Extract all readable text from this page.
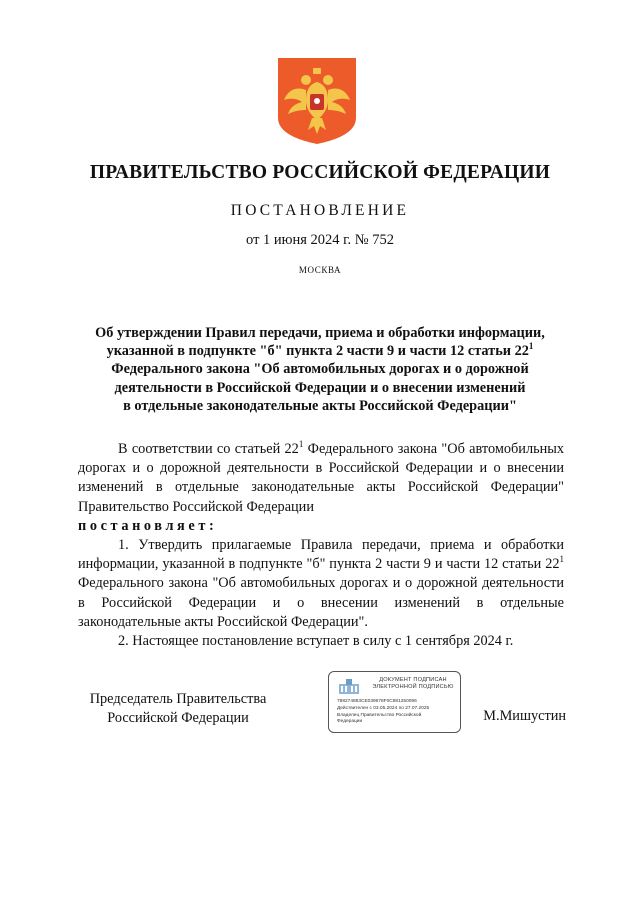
ПРАВИТЕЛЬСТВО РОССИЙСКОЙ ФЕДЕРАЦИИ
ПОСТАНОВЛЕНИЕ
от 1 июня 2024 г. № 752
МОСКВА
Об утверждении Правил передачи, приема и обработки информации,
указанной в подпункте "б" пункта 2 части 9 и части 12 статьи $22^1$
Федерального закона "Об автомобильных дорогах и о дорожной
деятельности в Российской Федерации и о внесении изменений
в отдельные законодательные акты Российской Федерации"

В соответствии со статьей $22^1$ Федерального закона "Об автомобильных дорогах и о дорожной деятельности в Российской Федерации и о внесении изменений в отдельные законодательные акты Российской Федерации" Правительство Российской Федерации

постановляет:

1. Утвердить прилагаемые Правила передачи, приема и обработки информации, указанной в подпункте "б" пункта 2 части 9 и части 12 статьи $22^1$ Федерального закона "Об автомобильных дорогах и о дорожной деятельности в Российской Федерации и о внесении изменений в отдельные законодательные акты Российской Федерации".

2. Настоящее постановление вступает в силу с 1 сентября 2024 г.

Председатель Правительства
Российской Федерации
ДОКУМЕНТ ПОДПИСАН
ЭЛЕКТРОННОЙ ПОДПИСЬЮ
788274883CE039678F0C881250096
Действителен с 03.05.2024 по 27.07.2025
Владелец Правительство Российской
Федерации	М.Мишустин
